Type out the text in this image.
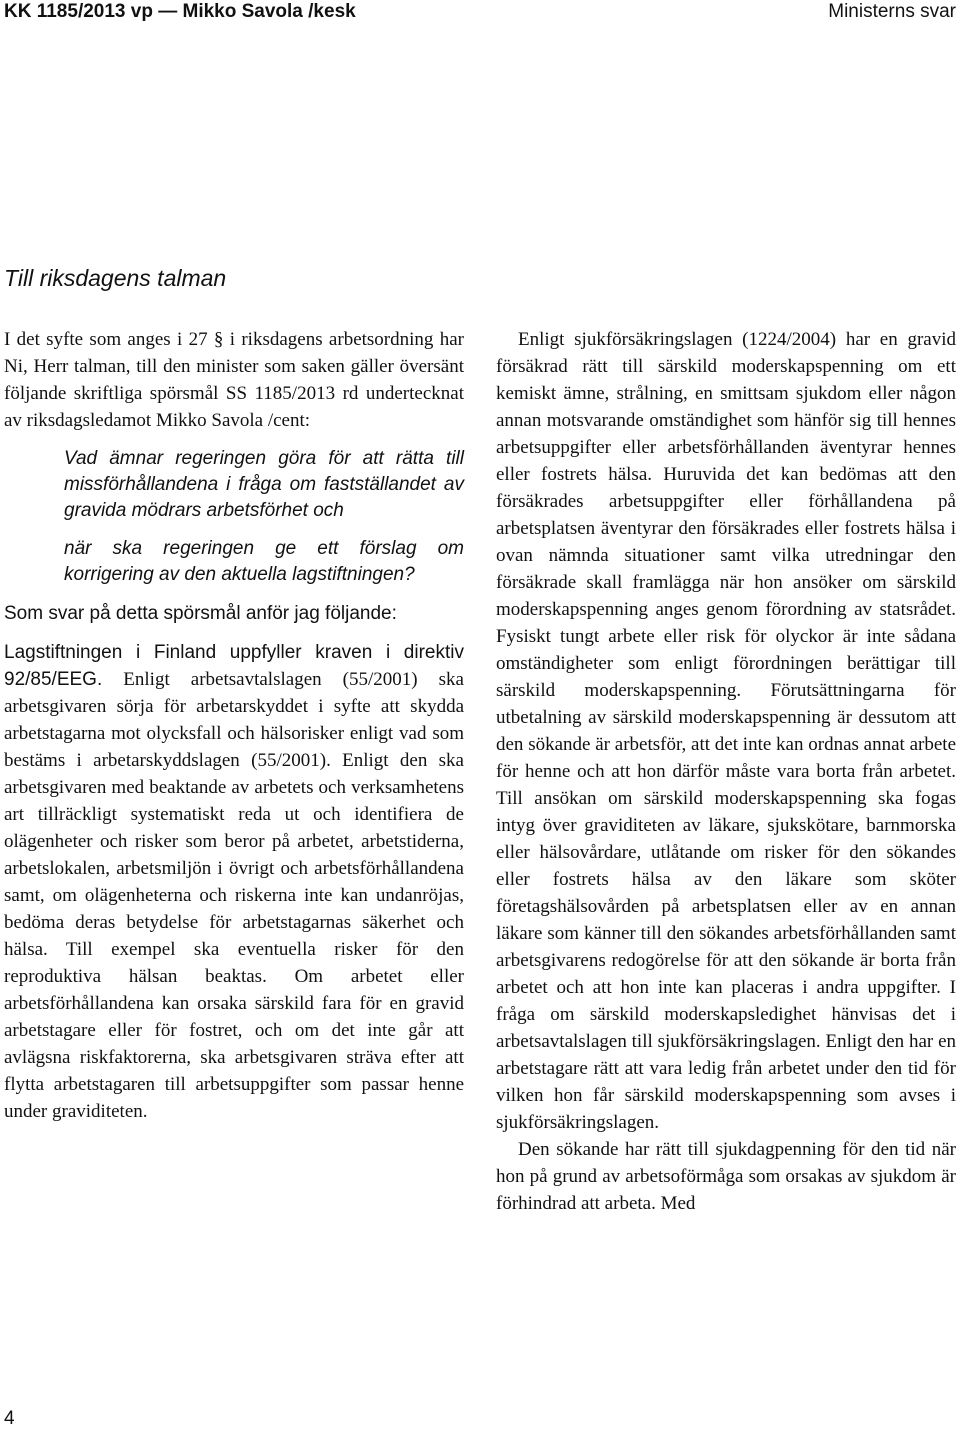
KK 1185/2013 vp — Mikko Savola /kesk	Ministerns svar
Till riksdagens talman

I det syfte som anges i 27 § i riksdagens arbetsordning har Ni, Herr talman, till den minister som saken gäller översänt följande skriftliga spörsmål SS 1185/2013 rd undertecknat av riksdagsledamot Mikko Savola /cent:

Vad ämnar regeringen göra för att rätta till missförhållandena i fråga om fastställandet av gravida mödrars arbetsförhet och

när ska regeringen ge ett förslag om korrigering av den aktuella lagstiftningen?

Som svar på detta spörsmål anför jag följande:

Lagstiftningen i Finland uppfyller kraven i direktiv 92/85/EEG. Enligt arbetsavtalslagen (55/2001) ska arbetsgivaren sörja för arbetarskyddet i syfte att skydda arbetstagarna mot olycksfall och hälsorisker enligt vad som bestäms i arbetarskyddslagen (55/2001). Enligt den ska arbetsgivaren med beaktande av arbetets och verksamhetens art tillräckligt systematiskt reda ut och identifiera de olägenheter och risker som beror på arbetet, arbetstiderna, arbetslokalen, arbetsmiljön i övrigt och arbetsförhållandena samt, om olägenheterna och riskerna inte kan undanröjas, bedöma deras betydelse för arbetstagarnas säkerhet och hälsa. Till exempel ska eventuella risker för den reproduktiva hälsan beaktas. Om arbetet eller arbetsförhållandena kan orsaka särskild fara för en gravid arbetstagare eller för fostret, och om det inte går att avlägsna riskfaktorerna, ska arbetsgivaren sträva efter att flytta arbetstagaren till arbetsuppgifter som passar henne under graviditeten.

Enligt sjukförsäkringslagen (1224/2004) har en gravid försäkrad rätt till särskild moderskapspenning om ett kemiskt ämne, strålning, en smittsam sjukdom eller någon annan motsvarande omständighet som hänför sig till hennes arbetsuppgifter eller arbetsförhållanden äventyrar hennes eller fostrets hälsa. Huruvida det kan bedömas att den försäkrades arbetsuppgifter eller förhållandena på arbetsplatsen äventyrar den försäkrades eller fostrets hälsa i ovan nämnda situationer samt vilka utredningar den försäkrade skall framlägga när hon ansöker om särskild moderskapspenning anges genom förordning av statsrådet. Fysiskt tungt arbete eller risk för olyckor är inte sådana omständigheter som enligt förordningen berättigar till särskild moderskapspenning. Förutsättningarna för utbetalning av särskild moderskapspenning är dessutom att den sökande är arbetsför, att det inte kan ordnas annat arbete för henne och att hon därför måste vara borta från arbetet. Till ansökan om särskild moderskapspenning ska fogas intyg över graviditeten av läkare, sjukskötare, barnmorska eller hälsovårdare, utlåtande om risker för den sökandes eller fostrets hälsa av den läkare som sköter företagshälsovården på arbetsplatsen eller av en annan läkare som känner till den sökandes arbetsförhållanden samt arbetsgivarens redogörelse för att den sökande är borta från arbetet och att hon inte kan placeras i andra uppgifter. I fråga om särskild moderskapsledighet hänvisas det i arbetsavtalslagen till sjukförsäkringslagen. Enligt den har en arbetstagare rätt att vara ledig från arbetet under den tid för vilken hon får särskild moderskapspenning som avses i sjukförsäkringslagen.

Den sökande har rätt till sjukdagpenning för den tid när hon på grund av arbetsoförmåga som orsakas av sjukdom är förhindrad att arbeta. Med

4
